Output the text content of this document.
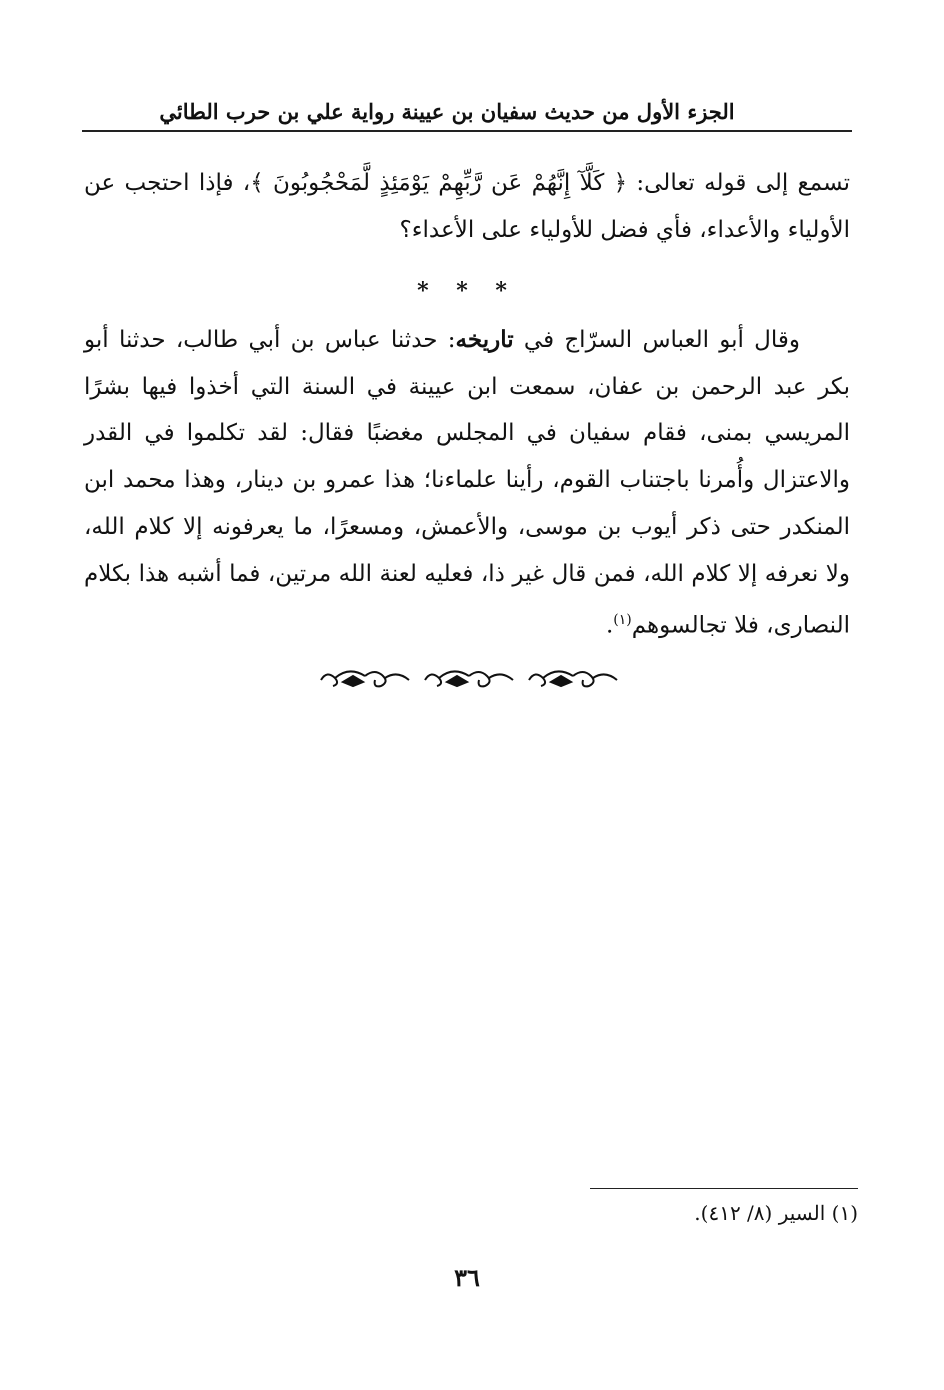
الجزء الأول من حديث سفيان بن عيينة رواية علي بن حرب الطائي
تسمع إلى قوله تعالى: ﴿ كَلَّآ إِنَّهُمْ عَن رَّبِّهِمْ يَوْمَئِذٍ لَّمَحْجُوبُونَ ﴾، فإذا احتجب عن الأولياء والأعداء، فأي فضل للأولياء على الأعداء؟
* * *
وقال أبو العباس السرّاج في تاريخه: حدثنا عباس بن أبي طالب، حدثنا أبو بكر عبد الرحمن بن عفان، سمعت ابن عيينة في السنة التي أخذوا فيها بشرًا المريسي بمنى، فقام سفيان في المجلس مغضبًا فقال: لقد تكلموا في القدر والاعتزال وأُمرنا باجتناب القوم، رأينا علماءنا؛ هذا عمرو بن دينار، وهذا محمد ابن المنكدر حتى ذكر أيوب بن موسى، والأعمش، ومسعرًا، ما يعرفونه إلا كلام الله، ولا نعرفه إلا كلام الله، فمن قال غير ذا، فعليه لعنة الله مرتين، فما أشبه هذا بكلام النصارى، فلا تجالسوهم$^{(١)}$.
(١) السير (٨/ ٤١٢).
٣٦
